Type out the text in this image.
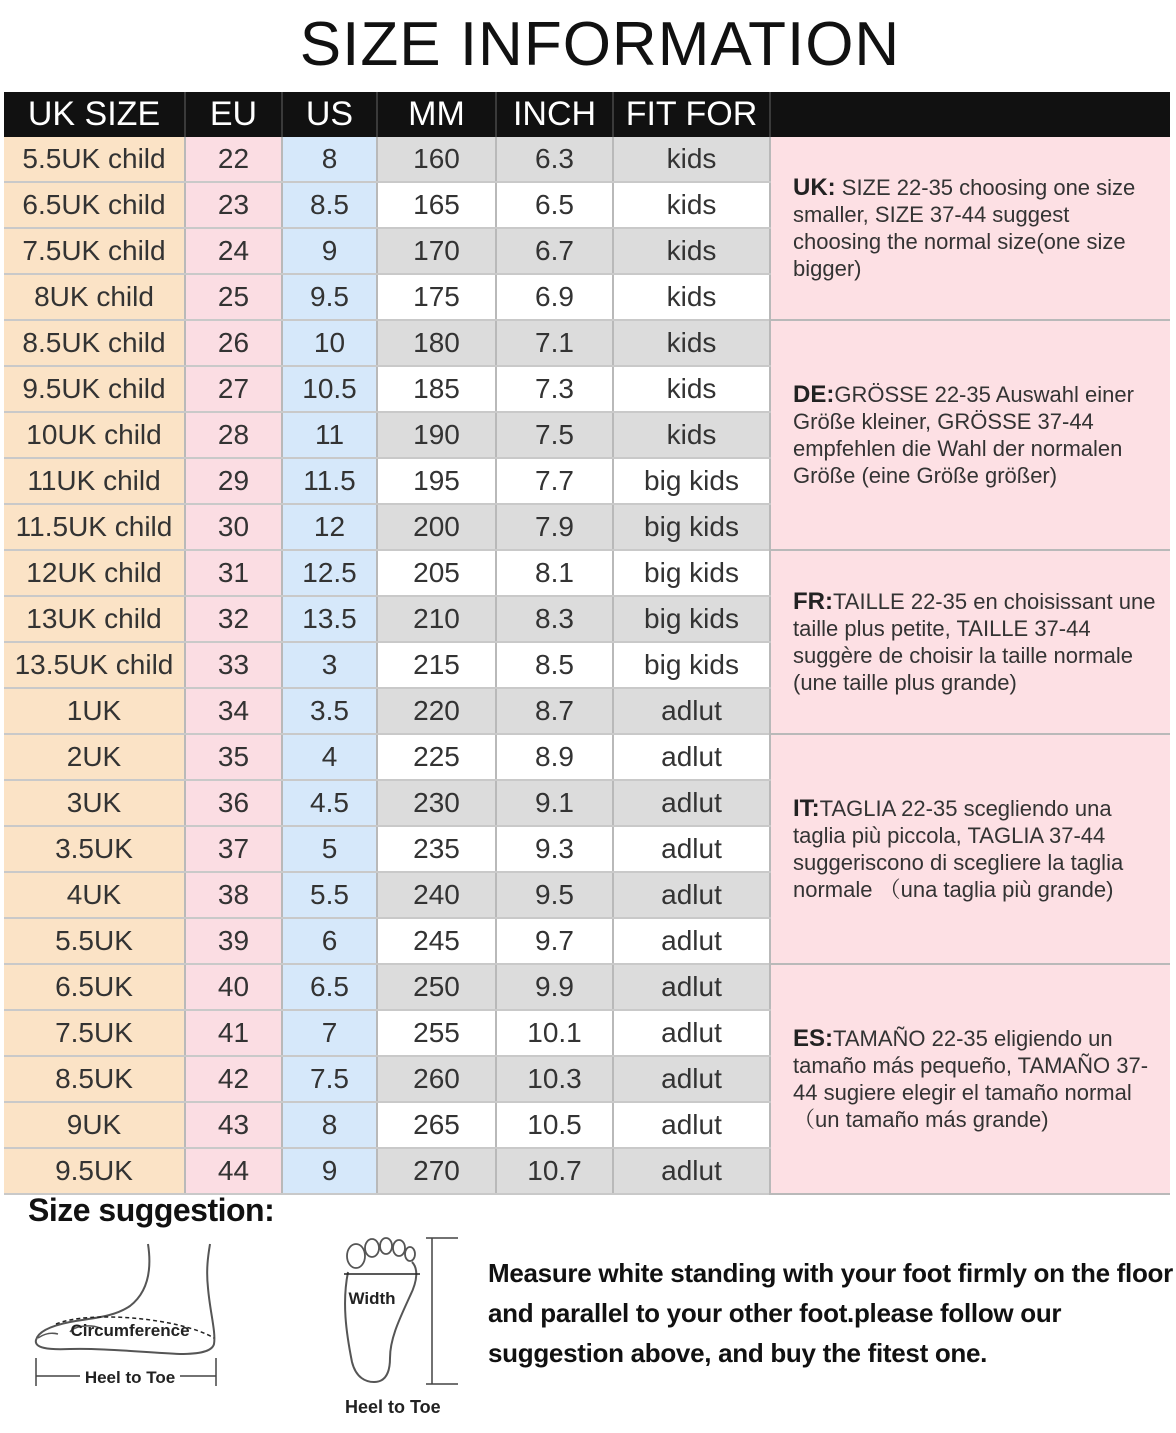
SIZE INFORMATION
UK SIZE	EU	US	MM	INCH	FIT FOR	
5.5UK child	22	8	160	6.3	kids	UK: SIZE 22-35 choosing one size smaller, SIZE 37-44 suggest choosing the normal size(one size bigger)
6.5UK child	23	8.5	165	6.5	kids	
7.5UK child	24	9	170	6.7	kids	
8UK child	25	9.5	175	6.9	kids	
8.5UK child	26	10	180	7.1	kids	DE:GRÖSSE 22-35 Auswahl einer Größe kleiner, GRÖSSE 37-44 empfehlen die Wahl der normalen Größe (eine Größe größer)
9.5UK child	27	10.5	185	7.3	kids	
10UK child	28	11	190	7.5	kids	
11UK child	29	11.5	195	7.7	big kids	
11.5UK child	30	12	200	7.9	big kids	
12UK child	31	12.5	205	8.1	big kids	FR:TAILLE 22-35 en choisissant une taille plus petite, TAILLE 37-44 suggère de choisir la taille normale (une taille plus grande)
13UK child	32	13.5	210	8.3	big kids	
13.5UK child	33	3	215	8.5	big kids	
1UK	34	3.5	220	8.7	adlut	
2UK	35	4	225	8.9	adlut	IT:TAGLIA 22-35 scegliendo una taglia più piccola, TAGLIA 37-44 suggeriscono di scegliere la taglia normale （una taglia più grande)
3UK	36	4.5	230	9.1	adlut	
3.5UK	37	5	235	9.3	adlut	
4UK	38	5.5	240	9.5	adlut	
5.5UK	39	6	245	9.7	adlut	
6.5UK	40	6.5	250	9.9	adlut	ES:TAMAÑO 22-35 eligiendo un tamaño más pequeño, TAMAÑO 37-44 sugiere elegir el tamaño normal （un tamaño más grande)
7.5UK	41	7	255	10.1	adlut	
8.5UK	42	7.5	260	10.3	adlut	
9UK	43	8	265	10.5	adlut	
9.5UK	44	9	270	10.7	adlut	
Size suggestion:
Circumference
Heel to Toe
Width
Heel to Toe
Measure white standing with your foot firmly on the floor and parallel to your other foot.please follow our suggestion above, and buy the fitest one.
